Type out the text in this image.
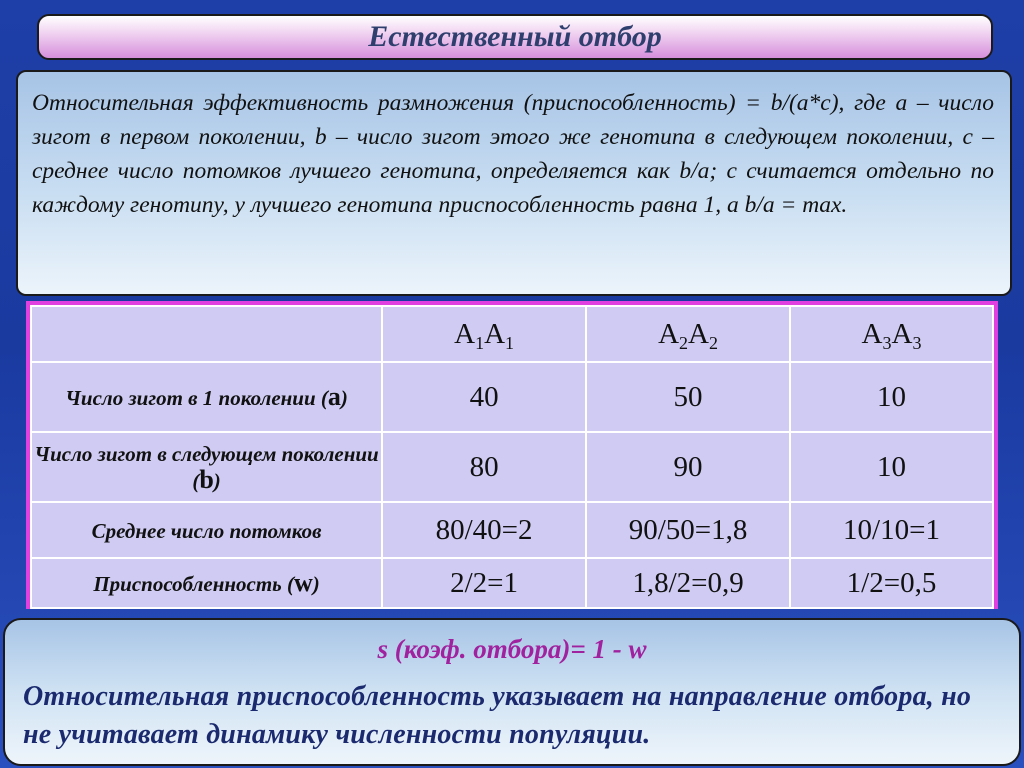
Естественный отбор

Относительная эффективность размножения (приспособленность) = b/(a*c), где a – число зигот в первом поколении, b – число зигот этого же генотипа в следующем поколении, с – среднее число потомков лучшего генотипа, определяется как b/a; с считается отдельно по каждому генотипу, у лучшего генотипа приспособленность равна 1, а b/a = max.

	$A_1A_1$	$A_2A_2$	$A_3A_3$
Число зигот в 1 поколении (a)	40	50	10
Число зигот в следующем поколении (b)	80	90	10
Среднее число потомков	80/40=2	90/50=1,8	10/10=1
Приспособленность (w)	2/2=1	1,8/2=0,9	1/2=0,5
s (коэф. отбора)= 1 - w
Относительная приспособленность указывает на направление отбора, но не учитавает динамику численности популяции.
